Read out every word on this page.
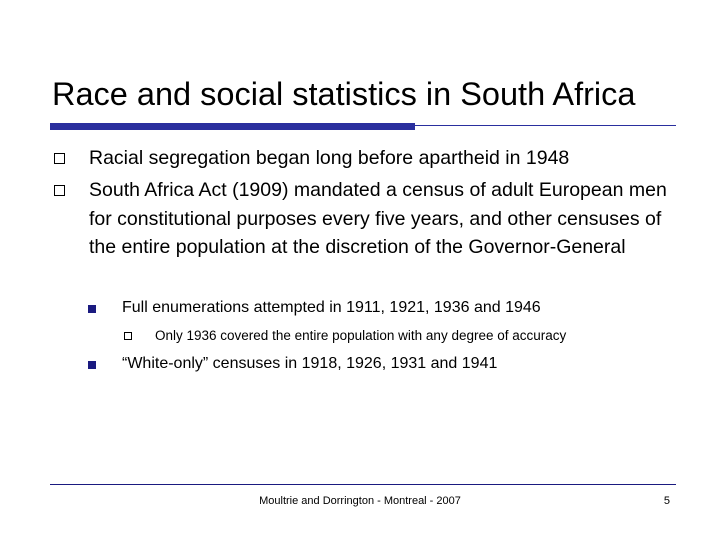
Race and social statistics in South Africa
Racial segregation began long before apartheid in 1948
South Africa Act (1909) mandated a census of adult European men for constitutional purposes every five years, and other censuses of the entire population at the discretion of the Governor-General
Full enumerations attempted in 1911, 1921, 1936 and 1946
Only 1936 covered the entire population with any degree of accuracy
“White-only” censuses in 1918, 1926, 1931 and 1941
Moultrie and Dorrington - Montreal - 2007	5
